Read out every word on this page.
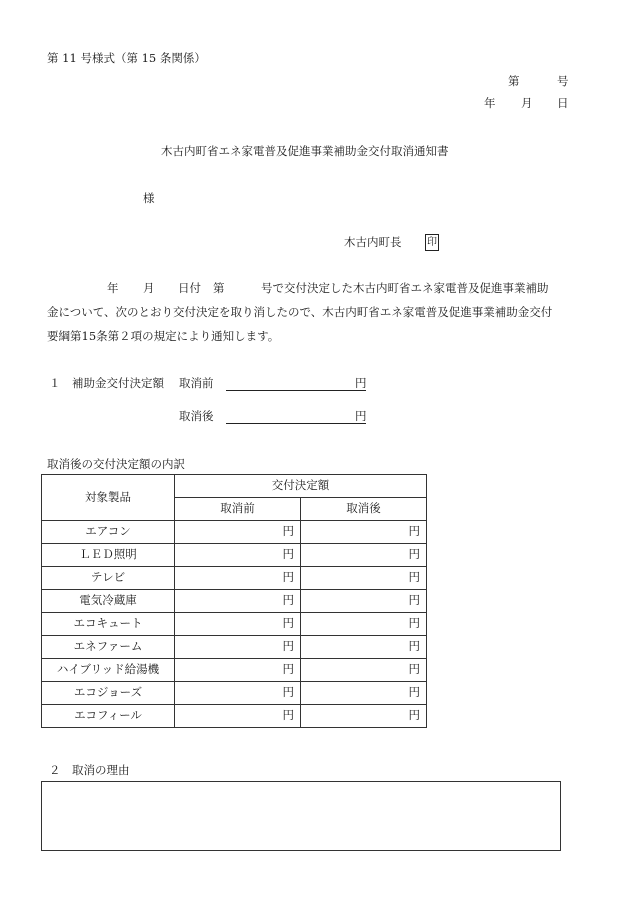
第 11 号様式（第 15 条関係）
第	号
年 月 日
木古内町省エネ家電普及促進事業補助金交付取消通知書
様
木古内町長	印
年 月 日付 第	号で交付決定した木古内町省エネ家電普及促進事業補助
金について、次のとおり交付決定を取り消したので、木古内町省エネ家電普及促進事業補助金交付
要綱第15条第２項の規定により通知します。
１　補助金交付決定額 取消前	円
取消後	円
取消後の交付決定額の内訳
対象製品	交付決定額	
	取消前	取消後
エアコン	円	円
ＬＥＤ照明	円	円
テレビ	円	円
電気冷蔵庫	円	円
エコキュート	円	円
エネファーム	円	円
ハイブリッド給湯機	円	円
エコジョーズ	円	円
エコフィール	円	円
２　取消の理由
